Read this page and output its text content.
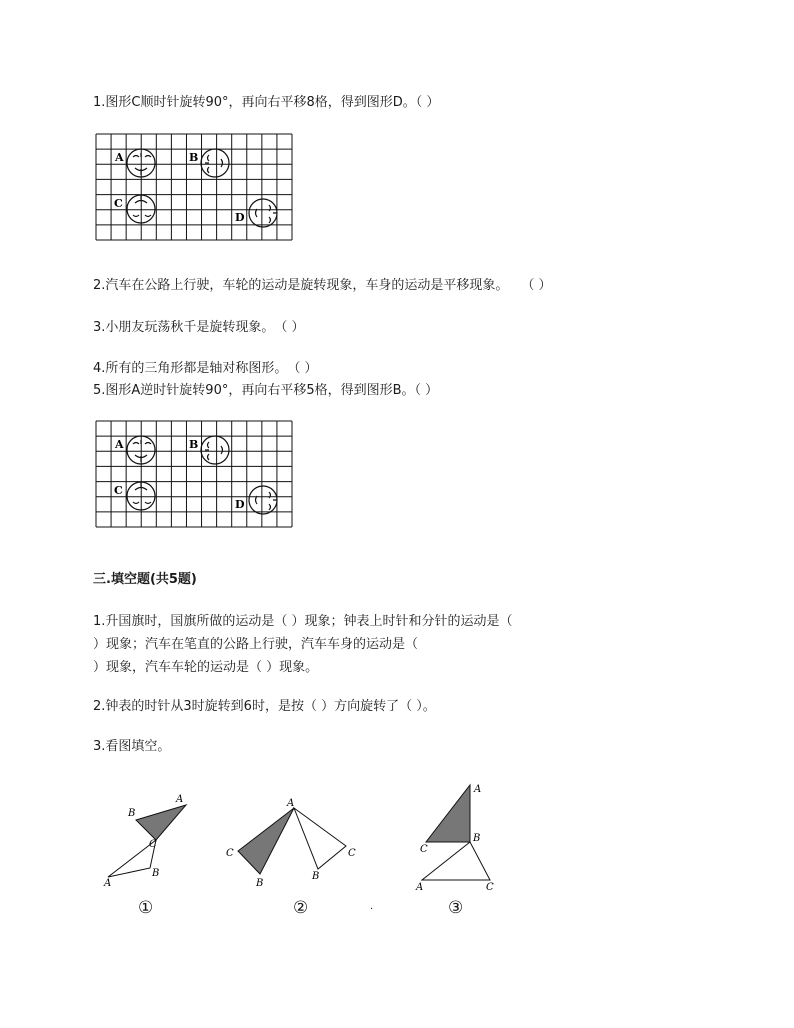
1.图形C顺时针旋转90°，再向右平移8格，得到图形D。（ ）
A	B
C
D
2.汽车在公路上行驶，车轮的运动是旋转现象，车身的运动是平移现象。　　（ ）
3.小朋友玩荡秋千是旋转现象。　（ ）
4.所有的三角形都是轴对称图形。　（ ）
5.图形A逆时针旋转90°，再向右平移5格，得到图形B。（ ）
A	B
C
D
三.填空题(共5题)
1.升国旗时，国旗所做的运动是（ ）现象；钟表上时针和分针的运动是（
）现象；汽车在笔直的公路上行驶，汽车车身的运动是（
）现象，汽车车轮的运动是（ ）现象。
2.钟表的时针从3时旋转到6时，是按（ ）方向旋转了（ ）。
3.看图填空。
B
A
C
A
B
A
C
B
B
C
A
B
C
A	C
①	②	.	③
